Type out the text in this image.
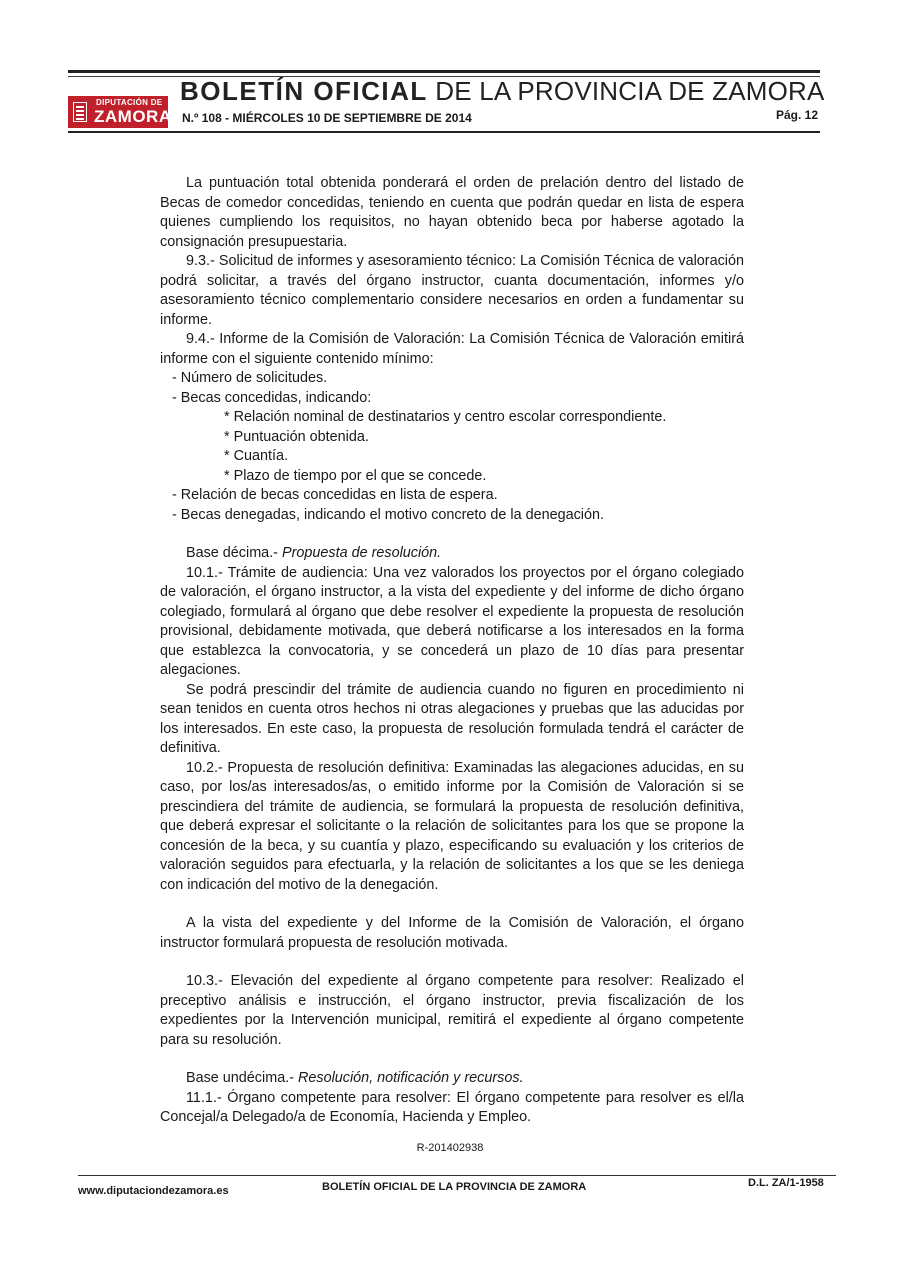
DIPUTACIÓN DE
ZAMORA
BOLETÍN OFICIAL DE LA PROVINCIA DE ZAMORA
N.º 108 - MIÉRCOLES 10 DE SEPTIEMBRE DE 2014	Pág. 12

La puntuación total obtenida ponderará el orden de prelación dentro del listado de Becas de comedor concedidas, teniendo en cuenta que podrán quedar en lista de espera quienes cumpliendo los requisitos, no hayan obtenido beca por haberse agotado la consignación presupuestaria.

9.3.- Solicitud de informes y asesoramiento técnico: La Comisión Técnica de valoración podrá solicitar, a través del órgano instructor, cuanta documentación, informes y/o asesoramiento técnico complementario considere necesarios en orden a fundamentar su informe.

9.4.- Informe de la Comisión de Valoración: La Comisión Técnica de Valoración emitirá informe con el siguiente contenido mínimo:

- Número de solicitudes.

- Becas concedidas, indicando:

* Relación nominal de destinatarios y centro escolar correspondiente.

* Puntuación obtenida.

* Cuantía.

* Plazo de tiempo por el que se concede.

- Relación de becas concedidas en lista de espera.

- Becas denegadas, indicando el motivo concreto de la denegación.

Base décima.- Propuesta de resolución.

10.1.- Trámite de audiencia: Una vez valorados los proyectos por el órgano colegiado de valoración, el órgano instructor, a la vista del expediente y del informe de dicho órgano colegiado, formulará al órgano que debe resolver el expediente la propuesta de resolución provisional, debidamente motivada, que deberá notificarse a los interesados en la forma que establezca la convocatoria, y se concederá un plazo de 10 días para presentar alegaciones.

Se podrá prescindir del trámite de audiencia cuando no figuren en procedimiento ni sean tenidos en cuenta otros hechos ni otras alegaciones y pruebas que las aducidas por los interesados. En este caso, la propuesta de resolución formulada tendrá el carácter de definitiva.

10.2.- Propuesta de resolución definitiva: Examinadas las alegaciones aducidas, en su caso, por los/as interesados/as, o emitido informe por la Comisión de Valoración si se prescindiera del trámite de audiencia, se formulará la propuesta de resolución definitiva, que deberá expresar el solicitante o la relación de solicitantes para los que se propone la concesión de la beca, y su cuantía y plazo, especificando su evaluación y los criterios de valoración seguidos para efectuarla, y la relación de solicitantes a los que se les deniega con indicación del motivo de la denegación.

A la vista del expediente y del Informe de la Comisión de Valoración, el órgano instructor formulará propuesta de resolución motivada.

10.3.- Elevación del expediente al órgano competente para resolver: Realizado el preceptivo análisis e instrucción, el órgano instructor, previa fiscalización de los expedientes por la Intervención municipal, remitirá el expediente al órgano competente para su resolución.

Base undécima.- Resolución, notificación y recursos.

11.1.- Órgano competente para resolver: El órgano competente para resolver es el/la Concejal/a Delegado/a de Economía, Hacienda y Empleo.

R-201402938
www.diputaciondezamora.es	BOLETÍN OFICIAL DE LA PROVINCIA DE ZAMORA	D.L. ZA/1-1958
